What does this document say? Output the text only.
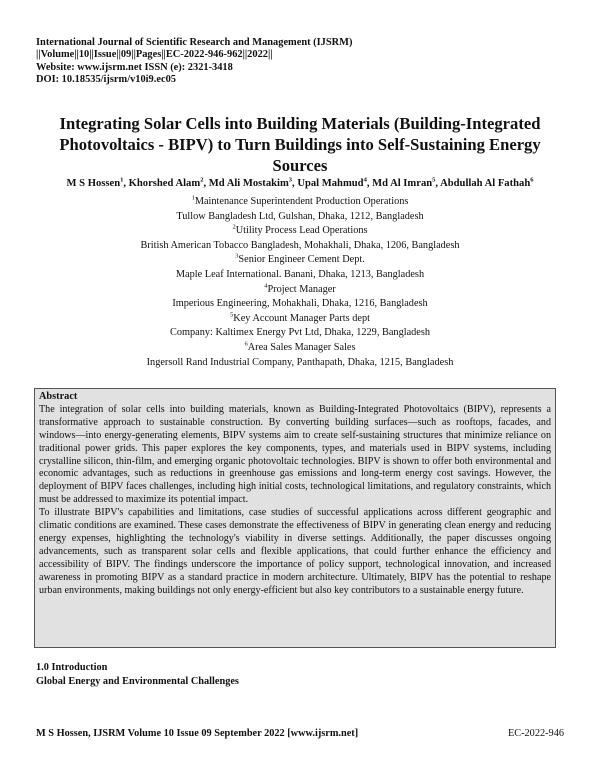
International Journal of Scientific Research and Management (IJSRM)
||Volume||10||Issue||09||Pages||EC-2022-946-962||2022||
Website: www.ijsrm.net ISSN (e): 2321-3418
DOI: 10.18535/ijsrm/v10i9.ec05
Integrating Solar Cells into Building Materials (Building-Integrated
Photovoltaics - BIPV) to Turn Buildings into Self-Sustaining Energy
Sources
M S Hossen$^1$, Khorshed Alam$^2$, Md Ali Mostakim$^3$, Upal Mahmud$^4$, Md Al Imran$^5$, Abdullah Al Fathah$^6$
$^1$Maintenance Superintendent Production Operations
Tullow Bangladesh Ltd, Gulshan, Dhaka, 1212, Bangladesh
$^2$Utility Process Lead Operations
British American Tobacco Bangladesh, Mohakhali, Dhaka, 1206, Bangladesh
$^3$Senior Engineer Cement Dept.
Maple Leaf International. Banani, Dhaka, 1213, Bangladesh
$^4$Project Manager
Imperious Engineering, Mohakhali, Dhaka, 1216, Bangladesh
$^5$Key Account Manager Parts dept
Company: Kaltimex Energy Pvt Ltd, Dhaka, 1229, Bangladesh
$^6$Area Sales Manager Sales
Ingersoll Rand Industrial Company, Panthapath, Dhaka, 1215, Bangladesh
Abstract

The integration of solar cells into building materials, known as Building-Integrated Photovoltaics (BIPV), represents a transformative approach to sustainable construction. By converting building surfaces—such as rooftops, facades, and windows—into energy-generating elements, BIPV systems aim to create self-sustaining structures that minimize reliance on traditional power grids. This paper explores the key components, types, and materials used in BIPV systems, including crystalline silicon, thin-film, and emerging organic photovoltaic technologies. BIPV is shown to offer both environmental and economic advantages, such as reductions in greenhouse gas emissions and long-term energy cost savings. However, the deployment of BIPV faces challenges, including high initial costs, technological limitations, and regulatory constraints, which must be addressed to maximize its potential impact.

To illustrate BIPV's capabilities and limitations, case studies of successful applications across different geographic and climatic conditions are examined. These cases demonstrate the effectiveness of BIPV in generating clean energy and reducing energy expenses, highlighting the technology's viability in diverse settings. Additionally, the paper discusses ongoing advancements, such as transparent solar cells and flexible applications, that could further enhance the efficiency and accessibility of BIPV. The findings underscore the importance of policy support, technological innovation, and increased awareness in promoting BIPV as a standard practice in modern architecture. Ultimately, BIPV has the potential to reshape urban environments, making buildings not only energy-efficient but also key contributors to a sustainable energy future.

1.0 Introduction
Global Energy and Environmental Challenges
M S Hossen, IJSRM Volume 10 Issue 09 September 2022 [www.ijsrm.net]	EC-2022-946
